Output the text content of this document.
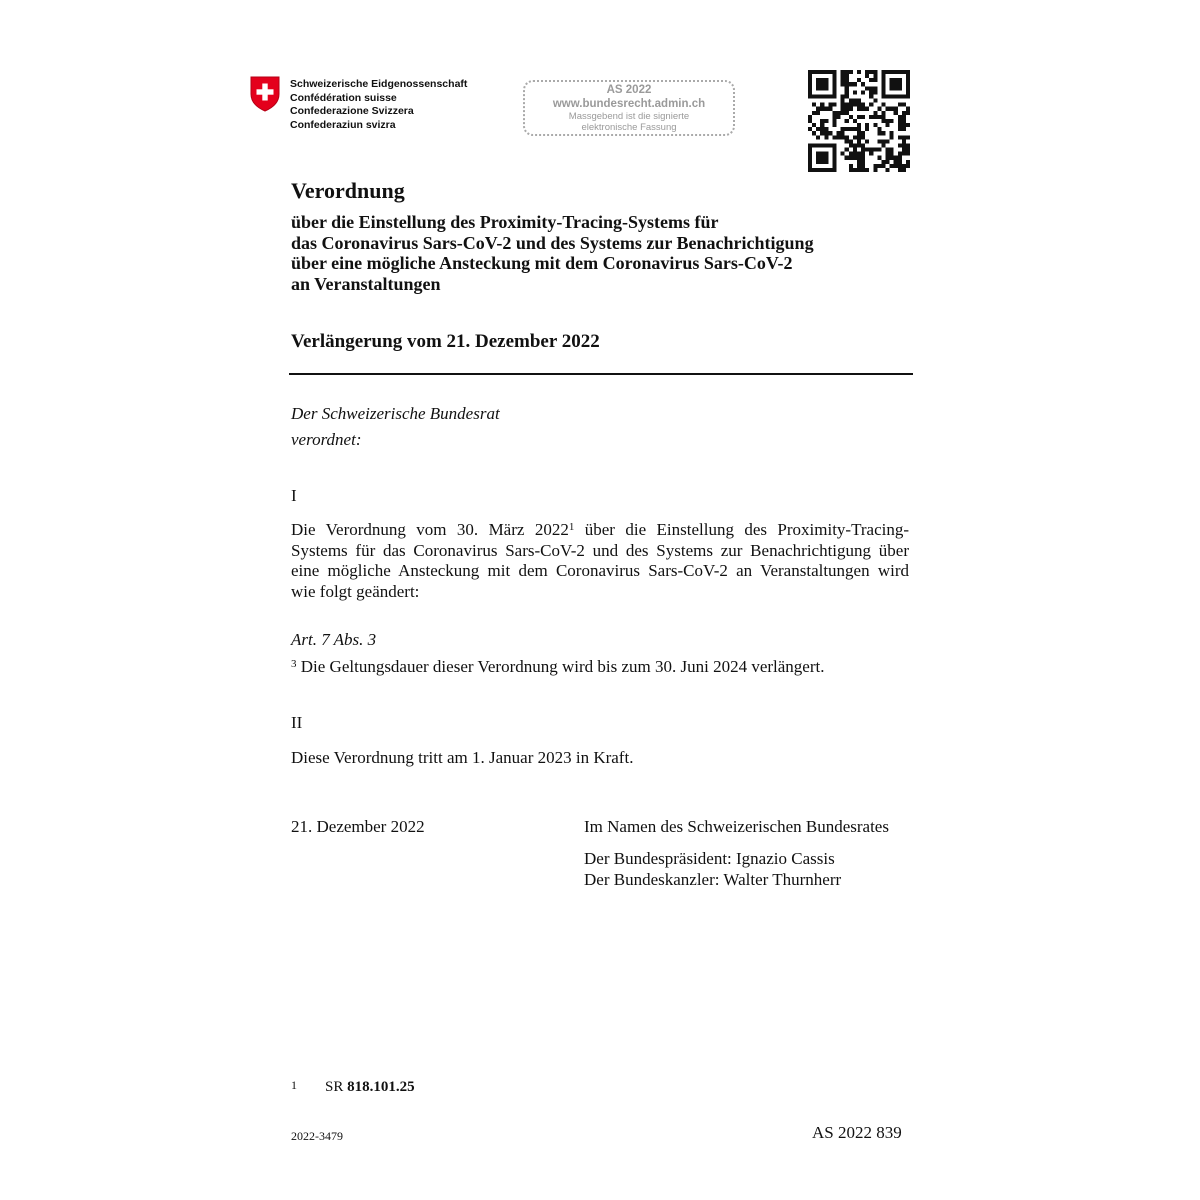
Schweizerische Eidgenossenschaft
Confédération suisse
Confederazione Svizzera
Confederaziun svizra
AS 2022
www.bundesrecht.admin.ch
Massgebend ist die signierte
elektronische Fassung
Verordnung
über die Einstellung des Proximity-Tracing-Systems für
das Coronavirus Sars-CoV-2 und des Systems zur Benachrichtigung
über eine mögliche Ansteckung mit dem Coronavirus Sars-CoV-2
an Veranstaltungen
Verlängerung vom 21. Dezember 2022
Der Schweizerische Bundesrat
verordnet:
I
Die Verordnung vom 30. März 2022$^1$ über die Einstellung des Proximity-Tracing-
Systems für das Coronavirus Sars-CoV-2 und des Systems zur Benachrichtigung über
eine mögliche Ansteckung mit dem Coronavirus Sars-CoV-2 an Veranstaltungen wird
wie folgt geändert:
Art. 7 Abs. 3
$^3$ Die Geltungsdauer dieser Verordnung wird bis zum 30. Juni 2024 verlängert.
II
Diese Verordnung tritt am 1. Januar 2023 in Kraft.
21. Dezember 2022	Im Namen des Schweizerischen Bundesrates
Der Bundespräsident: Ignazio Cassis
Der Bundeskanzler: Walter Thurnherr
1 SR 818.101.25
2022-3479	AS 2022 839
